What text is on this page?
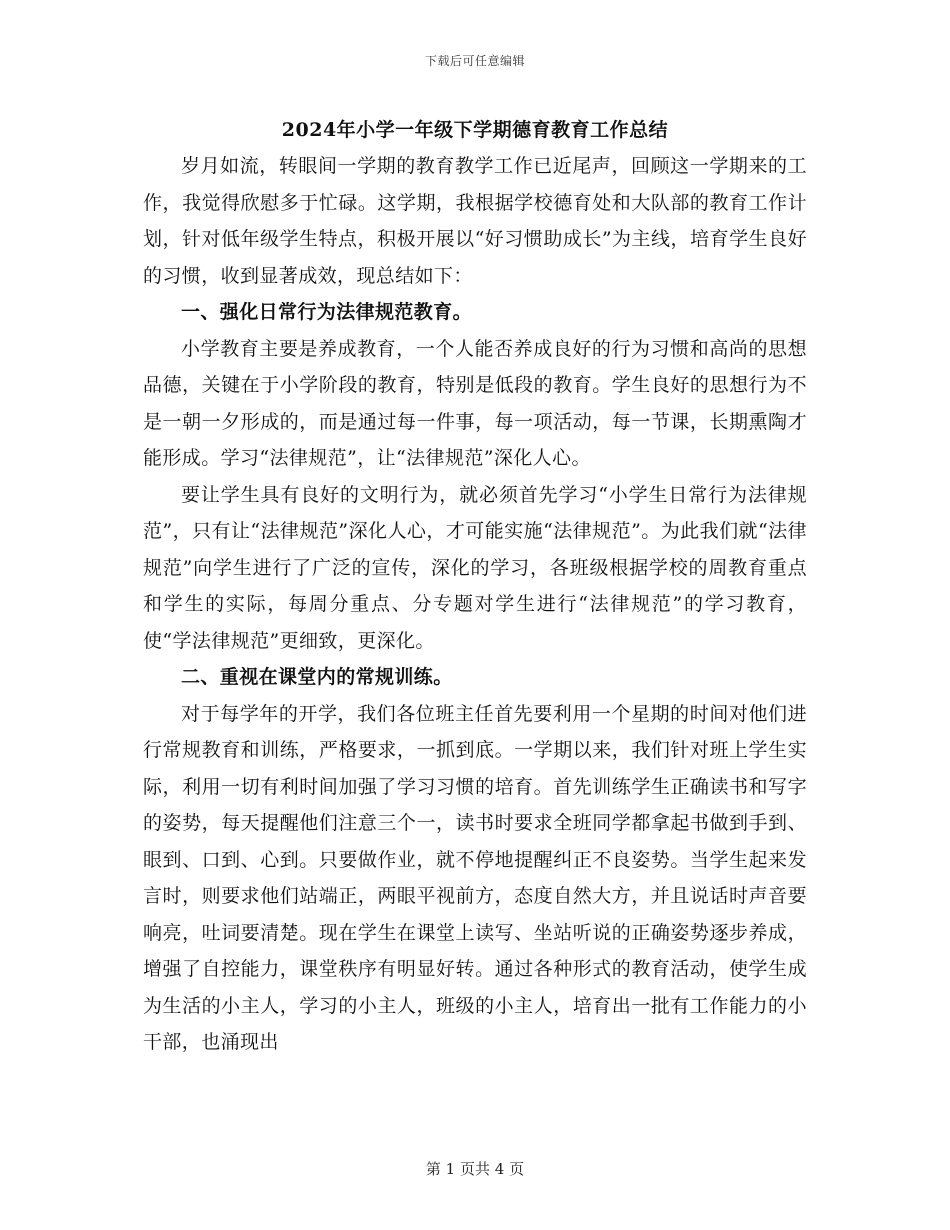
下载后可任意编辑
2024年小学一年级下学期德育教育工作总结

岁月如流，转眼间一学期的教育教学工作已近尾声，回顾这一学期来的工作，我觉得欣慰多于忙碌。这学期，我根据学校德育处和大队部的教育工作计划，针对低年级学生特点，积极开展以“好习惯助成长”为主线，培育学生良好的习惯，收到显著成效，现总结如下：

一、强化日常行为法律规范教育。

小学教育主要是养成教育，一个人能否养成良好的行为习惯和高尚的思想品德，关键在于小学阶段的教育，特别是低段的教育。学生良好的思想行为不是一朝一夕形成的，而是通过每一件事，每一项活动，每一节课，长期熏陶才能形成。学习“法律规范”，让“法律规范”深化人心。

要让学生具有良好的文明行为，就必须首先学习“小学生日常行为法律规范”，只有让“法律规范”深化人心，才可能实施“法律规范”。为此我们就“法律规范”向学生进行了广泛的宣传，深化的学习，各班级根据学校的周教育重点和学生的实际，每周分重点、分专题对学生进行“法律规范”的学习教育，使“学法律规范”更细致，更深化。

二、重视在课堂内的常规训练。

对于每学年的开学，我们各位班主任首先要利用一个星期的时间对他们进行常规教育和训练，严格要求，一抓到底。一学期以来，我们针对班上学生实际，利用一切有利时间加强了学习习惯的培育。首先训练学生正确读书和写字的姿势，每天提醒他们注意三个一，读书时要求全班同学都拿起书做到手到、眼到、口到、心到。只要做作业，就不停地提醒纠正不良姿势。当学生起来发言时，则要求他们站端正，两眼平视前方，态度自然大方，并且说话时声音要响亮，吐词要清楚。现在学生在课堂上读写、坐站听说的正确姿势逐步养成，增强了自控能力，课堂秩序有明显好转。通过各种形式的教育活动，使学生成为生活的小主人，学习的小主人，班级的小主人，培育出一批有工作能力的小干部，也涌现出

第 1 页共 4 页
